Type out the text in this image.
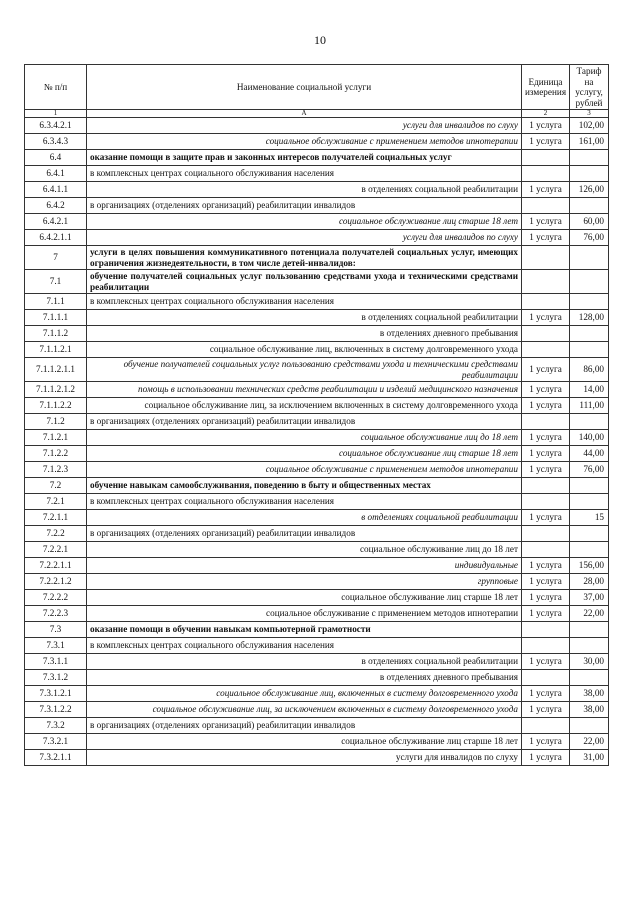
10
№ п/п	Наименование социальной услуги	Единица измерения	Тариф на услугу, рублей
1	А	2	3
6.3.4.2.1	услуги для инвалидов по слуху	1 услуга	102,00
6.3.4.3	социальное обслуживание с применением методов ипнотерапии	1 услуга	161,00
6.4	оказание помощи в защите прав и законных интересов получателей социальных услуг		
6.4.1	в комплексных центрах социального обслуживания населения		
6.4.1.1	в отделениях социальной реабилитации	1 услуга	126,00
6.4.2	в организациях (отделениях организаций) реабилитации инвалидов		
6.4.2.1	социальное обслуживание лиц старше 18 лет	1 услуга	60,00
6.4.2.1.1	услуги для инвалидов по слуху	1 услуга	76,00
7	услуги в целях повышения коммуникативного потенциала получателей социальных услуг, имеющих ограничения жизнедеятельности, в том числе детей-инвалидов:		
7.1	обучение получателей социальных услуг пользованию средствами ухода и техническими средствами реабилитации		
7.1.1	в комплексных центрах социального обслуживания населения		
7.1.1.1	в отделениях социальной реабилитации	1 услуга	128,00
7.1.1.2	в отделениях дневного пребывания		
7.1.1.2.1	социальное обслуживание лиц, включенных в систему долговременного ухода		
7.1.1.2.1.1	обучение получателей социальных услуг пользованию средствами ухода и техническими средствами реабилитации	1 услуга	86,00
7.1.1.2.1.2	помощь в использовании технических средств реабилитации и изделий медицинского назначения	1 услуга	14,00
7.1.1.2.2	социальное обслуживание лиц, за исключением включенных в систему долговременного ухода	1 услуга	111,00
7.1.2	в организациях (отделениях организаций) реабилитации инвалидов		
7.1.2.1	социальное обслуживание лиц до 18 лет	1 услуга	140,00
7.1.2.2	социальное обслуживание лиц старше 18 лет	1 услуга	44,00
7.1.2.3	социальное обслуживание с применением методов ипнотерапии	1 услуга	76,00
7.2	обучение навыкам самообслуживания, поведению в быту и общественных местах		
7.2.1	в комплексных центрах социального обслуживания населения		
7.2.1.1	в отделениях социальной реабилитации	1 услуга	15
7.2.2	в организациях (отделениях организаций) реабилитации инвалидов		
7.2.2.1	социальное обслуживание лиц до 18 лет		
7.2.2.1.1	индивидуальные	1 услуга	156,00
7.2.2.1.2	групповые	1 услуга	28,00
7.2.2.2	социальное обслуживание лиц старше 18 лет	1 услуга	37,00
7.2.2.3	социальное обслуживание с применением методов ипнотерапии	1 услуга	22,00
7.3	оказание помощи в обучении навыкам компьютерной грамотности		
7.3.1	в комплексных центрах социального обслуживания населения		
7.3.1.1	в отделениях социальной реабилитации	1 услуга	30,00
7.3.1.2	в отделениях дневного пребывания		
7.3.1.2.1	социальное обслуживание лиц, включенных в систему долговременного ухода	1 услуга	38,00
7.3.1.2.2	социальное обслуживание лиц, за исключением включенных в систему долговременного ухода	1 услуга	38,00
7.3.2	в организациях (отделениях организаций) реабилитации инвалидов		
7.3.2.1	социальное обслуживание лиц старше 18 лет	1 услуга	22,00
7.3.2.1.1	услуги для инвалидов по слуху	1 услуга	31,00
